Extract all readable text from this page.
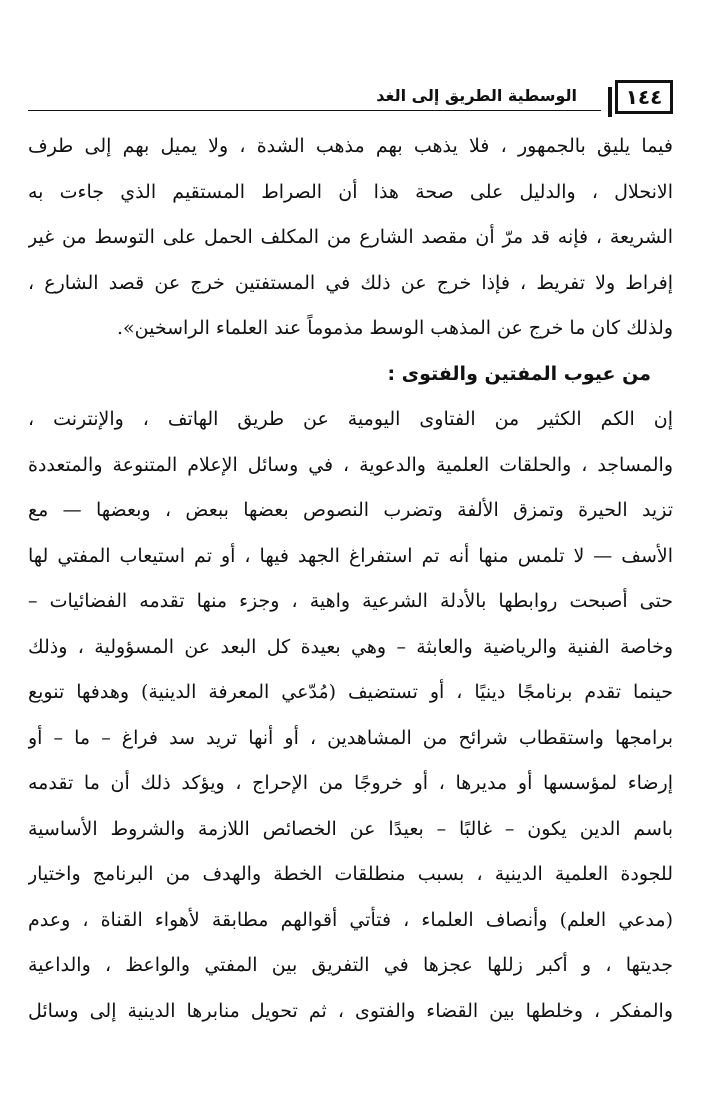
١٤٤
الوسطية الطريق إلى الغد
فيما يليق بالجمهور ، فلا يذهب بهم مذهب الشدة ، ولا يميل بهم إلى طرف
الانحلال ، والدليل على صحة هذا أن الصراط المستقيم الذي جاءت به
الشريعة ، فإنه قد مرّ أن مقصد الشارع من المكلف الحمل على التوسط من غير
إفراط ولا تفريط ، فإذا خرج عن ذلك في المستفتين خرج عن قصد الشارع ،
ولذلك كان ما خرج عن المذهب الوسط مذموماً عند العلماء الراسخين».
من عيوب المفتين والفتوى :
إن الكم الكثير من الفتاوى اليومية عن طريق الهاتف ، والإنترنت ،
والمساجد ، والحلقات العلمية والدعوية ، في وسائل الإعلام المتنوعة والمتعددة
تزيد الحيرة وتمزق الألفة وتضرب النصوص بعضها ببعض ، وبعضها — مع
الأسف — لا تلمس منها أنه تم استفراغ الجهد فيها ، أو تم استيعاب المفتي لها
حتى أصبحت روابطها بالأدلة الشرعية واهية ، وجزء منها تقدمه الفضائيات –
وخاصة الفنية والرياضية والعابثة – وهي بعيدة كل البعد عن المسؤولية ، وذلك
حينما تقدم برنامجًا دينيًا ، أو تستضيف (مُدّعي المعرفة الدينية) وهدفها تنويع
برامجها واستقطاب شرائح من المشاهدين ، أو أنها تريد سد فراغ – ما – أو
إرضاء لمؤسسها أو مديرها ، أو خروجًا من الإحراج ، ويؤكد ذلك أن ما تقدمه
باسم الدين يكون – غالبًا – بعيدًا عن الخصائص اللازمة والشروط الأساسية
للجودة العلمية الدينية ، بسبب منطلقات الخطة والهدف من البرنامج واختيار
(مدعي العلم) وأنصاف العلماء ، فتأتي أقوالهم مطابقة لأهواء القناة ، وعدم
جديتها ، و أكبر زللها عجزها في التفريق بين المفتي والواعظ ، والداعية
والمفكر ، وخلطها بين القضاء والفتوى ، ثم تحويل منابرها الدينية إلى وسائل
